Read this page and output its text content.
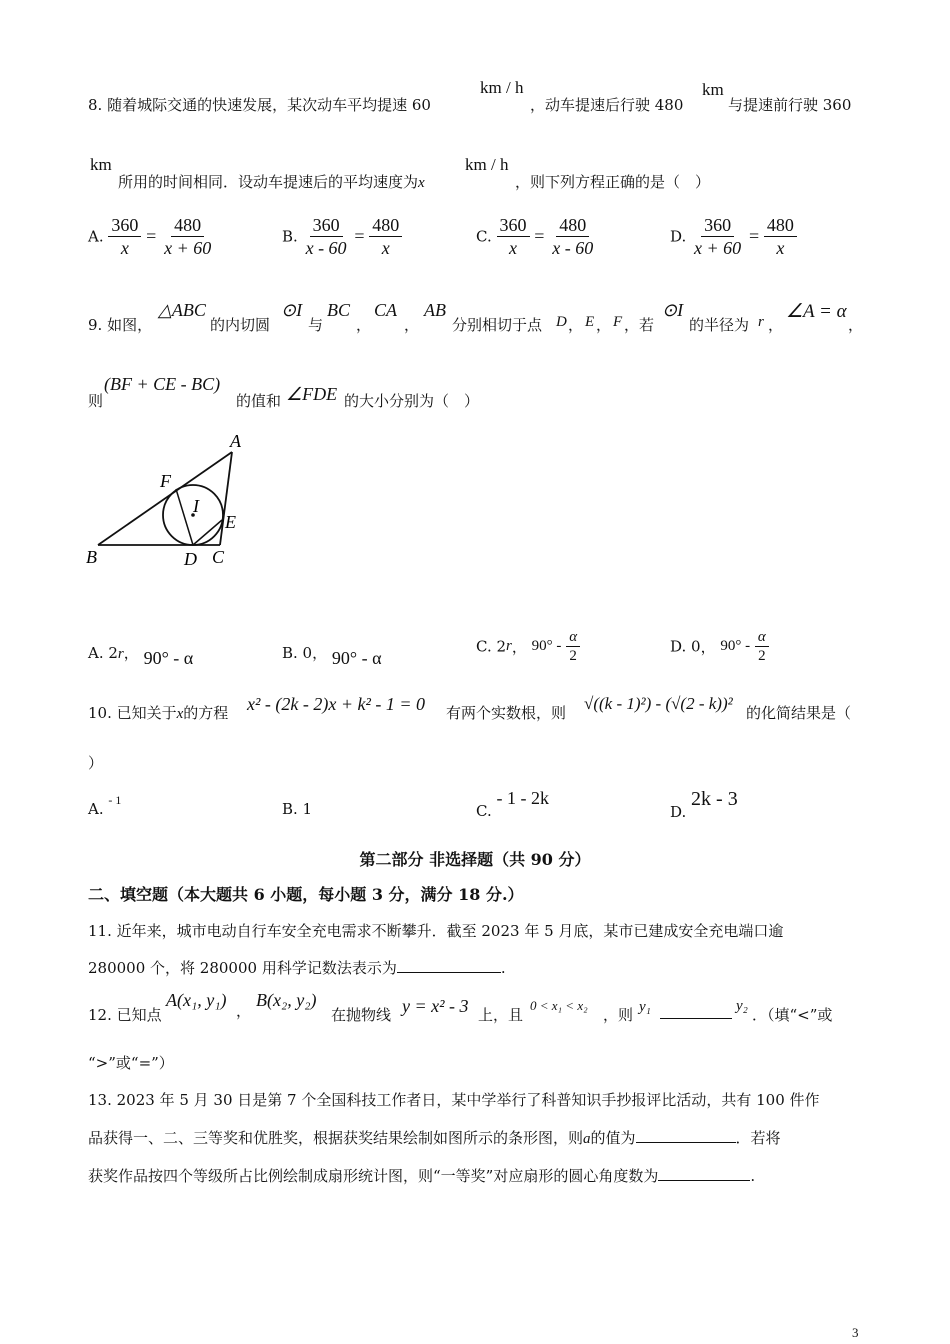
8. 随着城际交通的快速发展，某次动车平均提速 60
km / h
，动车提速后行驶 480
km
与提速前行驶 360
km
所用的时间相同．设动车提速后的平均速度为x
km / h
，则下列方程正确的是（　）
A. $\frac{360}{x} = \frac{480}{x + 60}$	B. $\frac{360}{x - 60} = \frac{480}{x}$	C. $\frac{360}{x} = \frac{480}{x - 60}$	D. $\frac{360}{x + 60} = \frac{480}{x}$
9. 如图，
△ABC
的内切圆
⊙I
与
BC
，
CA
，
AB
分别相切于点 D ， E ， F ，若
⊙I
的半径为 r ，
∠A = α
，
则
(BF + CE - BC)
的值和 ∠FDE 的大小分别为（　）
A
B	C
D
E
F
I
A. 2r， 90° - α	B. 0， 90° - α
C. 2r， $90^\circ - \frac{\alpha}{2}$	D. 0， $90^\circ - \frac{\alpha}{2}$
10. 已知关于x的方程 x² - (2k - 2)x + k² - 1 = 0 有两个实数根，则 √((k - 1)²) - (√(2 - k))² 的化简结果是（
）
A. $^{- 1}$	B. 1	C. - 1 - 2k
D. 2k - 3
第二部分 非选择题（共 90 分）
二、填空题（本大题共 6 小题，每小题 3 分，满分 18 分.）
11. 近年来，城市电动自行车安全充电需求不断攀升．截至 2023 年 5 月底，某市已建成安全充电端口逾
280000 个，将 280000 用科学记数法表示为	.
12. 已知点
A(x₁, y₁)
，
B(x₂, y₂)
在抛物线 y = x² - 3 上，且
0 < x₁ < x₂
，则 y₁	y₂ ．（填“<”或
“>”或“=”）
13. 2023 年 5 月 30 日是第 7 个全国科技工作者日，某中学举行了科普知识手抄报评比活动，共有 100 件作
品获得一、二、三等奖和优胜奖，根据获奖结果绘制如图所示的条形图，则a的值为	．若将
获奖作品按四个等级所占比例绘制成扇形统计图，则“一等奖”对应扇形的圆心角度数为	.
3
